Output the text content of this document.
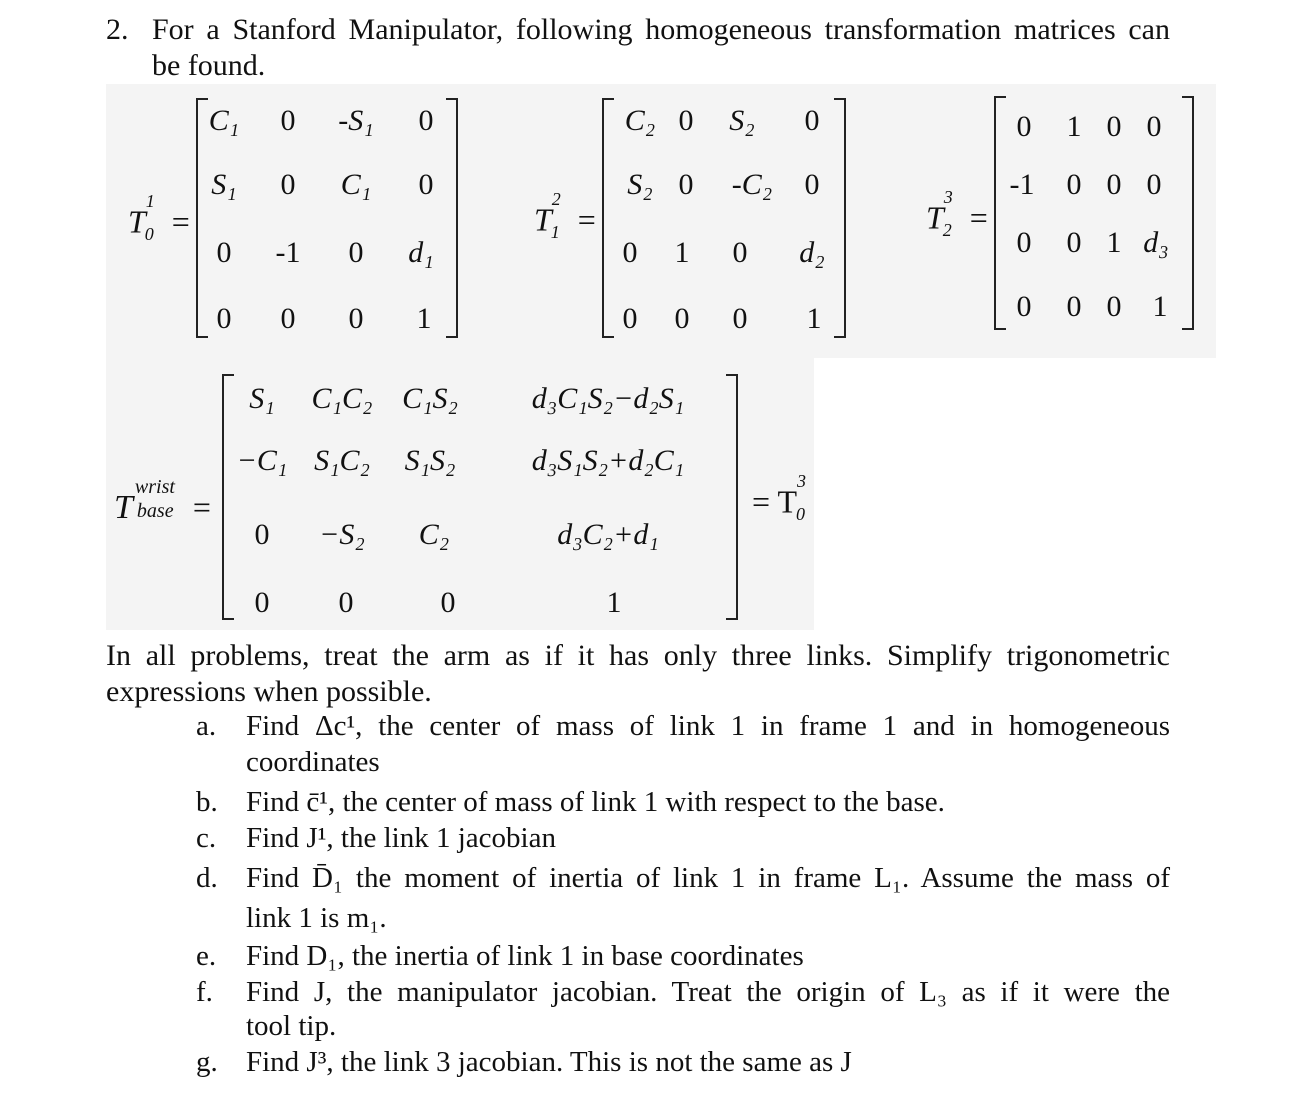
2. For a Stanford Manipulator, following homogeneous transformation matrices can
be found.
$T^1_0$ =
C₁ 0 -S₁ 0
S₁ 0 C₁ 0
0 -1 0 d₁
0 0 0 1
$T^2_1$ =
C₂ 0 S₂ 0
S₂ 0 -C₂ 0
0 1 0 d₂
0 0 0 1
$T^3_2$ =
0 1 0 0
-1 0 0 0
0 0 1 d₃
0 0 0 1
T
wrist
base =
S₁ C₁C₂ C₁S₂ d₃C₁S₂−d₂S₁
−C₁ S₁C₂ S₁S₂	d₃S₁S₂+d₂C₁
0 −S₂ C₂	d₃C₂+d₁
0 0	0	1
= $T^3_0$
In all problems, treat the arm as if it has only three links. Simplify trigonometric
expressions when possible.
a.	Find Δc¹, the center of mass of link 1 in frame 1 and in homogeneous
coordinates
b. Find c̄¹, the center of mass of link 1 with respect to the base.
c.	Find J¹, the link 1 jacobian
d. Find D̄₁ the moment of inertia of link 1 in frame L₁. Assume the mass of
link 1 is m₁.
e.	Find D₁, the inertia of link 1 in base coordinates
f.	Find J, the manipulator jacobian. Treat the origin of L₃ as if it were the
tool tip.
g. Find J³, the link 3 jacobian. This is not the same as J
